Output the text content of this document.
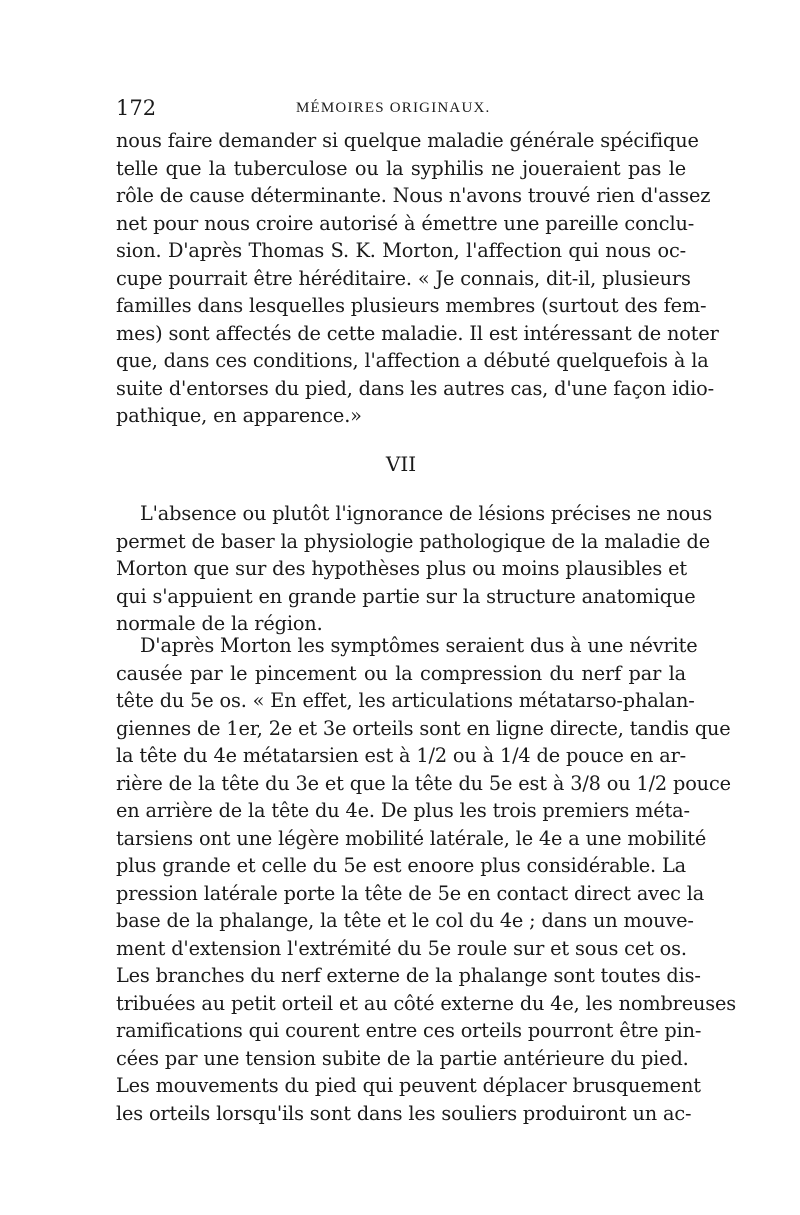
172	MÉMOIRES ORIGINAUX.
nous faire demander si quelque maladie générale spécifique
telle que la tuberculose ou la syphilis ne joueraient pas le
rôle de cause déterminante. Nous n'avons trouvé rien d'assez
net pour nous croire autorisé à émettre une pareille conclu-
sion. D'après Thomas S. K. Morton, l'affection qui nous oc-
cupe pourrait être héréditaire. « Je connais, dit-il, plusieurs
familles dans lesquelles plusieurs membres (surtout des fem-
mes) sont affectés de cette maladie. Il est intéressant de noter
que, dans ces conditions, l'affection a débuté quelquefois à la
suite d'entorses du pied, dans les autres cas, d'une façon idio-
pathique, en apparence.»
VII
L'absence ou plutôt l'ignorance de lésions précises ne nous
permet de baser la physiologie pathologique de la maladie de
Morton que sur des hypothèses plus ou moins plausibles et
qui s'appuient en grande partie sur la structure anatomique
normale de la région.
D'après Morton les symptômes seraient dus à une névrite
causée par le pincement ou la compression du nerf par la
tête du 5e os. « En effet, les articulations métatarso-phalan-
giennes de 1er, 2e et 3e orteils sont en ligne directe, tandis que
la tête du 4e métatarsien est à 1/2 ou à 1/4 de pouce en ar-
rière de la tête du 3e et que la tête du 5e est à 3/8 ou 1/2 pouce
en arrière de la tête du 4e. De plus les trois premiers méta-
tarsiens ont une légère mobilité latérale, le 4e a une mobilité
plus grande et celle du 5e est enoore plus considérable. La
pression latérale porte la tête de 5e en contact direct avec la
base de la phalange, la tête et le col du 4e ; dans un mouve-
ment d'extension l'extrémité du 5e roule sur et sous cet os.
Les branches du nerf externe de la phalange sont toutes dis-
tribuées au petit orteil et au côté externe du 4e, les nombreuses
ramifications qui courent entre ces orteils pourront être pin-
cées par une tension subite de la partie antérieure du pied.
Les mouvements du pied qui peuvent déplacer brusquement
les orteils lorsqu'ils sont dans les souliers produiront un ac-
